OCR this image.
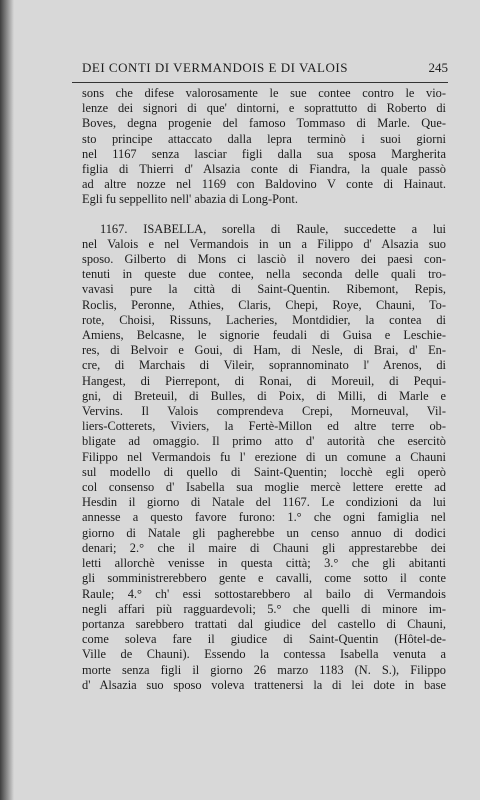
DEI CONTI DI VERMANDOIS E DI VALOIS	245
sons che difese valorosamente le sue contee contro le vio-
lenze dei signori di que' dintorni, e soprattutto di Roberto di
Boves, degna progenie del famoso Tommaso di Marle. Que-
sto principe attaccato dalla lepra terminò i suoi giorni
nel 1167 senza lasciar figli dalla sua sposa Margherita
figlia di Thierri d' Alsazia conte di Fiandra, la quale passò
ad altre nozze nel 1169 con Baldovino V conte di Hainaut.
Egli fu seppellito nell' abazia di Long-Pont.
1167. ISABELLA, sorella di Raule, succedette a lui
nel Valois e nel Vermandois in un a Filippo d' Alsazia suo
sposo. Gilberto di Mons ci lasciò il novero dei paesi con-
tenuti in queste due contee, nella seconda delle quali tro-
vavasi pure la città di Saint-Quentin. Ribemont, Repis,
Roclis, Peronne, Athies, Claris, Chepi, Roye, Chauni, To-
rote, Choisi, Rissuns, Lacheries, Montdidier, la contea di
Amiens, Belcasne, le signorie feudali di Guisa e Leschie-
res, di Belvoir e Goui, di Ham, di Nesle, di Brai, d' En-
cre, di Marchais di Vileir, soprannominato l' Arenos, di
Hangest, di Pierrepont, di Ronai, di Moreuil, di Pequi-
gni, di Breteuil, di Bulles, di Poix, di Milli, di Marle e
Vervins. Il Valois comprendeva Crepi, Morneuval, Vil-
liers-Cotterets, Viviers, la Fertè-Millon ed altre terre ob-
bligate ad omaggio. Il primo atto d' autorità che esercitò
Filippo nel Vermandois fu l' erezione di un comune a Chauni
sul modello di quello di Saint-Quentin; locchè egli operò
col consenso d' Isabella sua moglie mercè lettere erette ad
Hesdin il giorno di Natale del 1167. Le condizioni da lui
annesse a questo favore furono: 1.° che ogni famiglia nel
giorno di Natale gli pagherebbe un censo annuo di dodici
denari; 2.° che il maire di Chauni gli apprestarebbe dei
letti allorchè venisse in questa città; 3.° che gli abitanti
gli somministrerebbero gente e cavalli, come sotto il conte
Raule; 4.° ch' essi sottostarebbero al bailo di Vermandois
negli affari più ragguardevoli; 5.° che quelli di minore im-
portanza sarebbero trattati dal giudice del castello di Chauni,
come soleva fare il giudice di Saint-Quentin (Hôtel-de-
Ville de Chauni). Essendo la contessa Isabella venuta a
morte senza figli il giorno 26 marzo 1183 (N. S.), Filippo
d' Alsazia suo sposo voleva trattenersi la di lei dote in base
